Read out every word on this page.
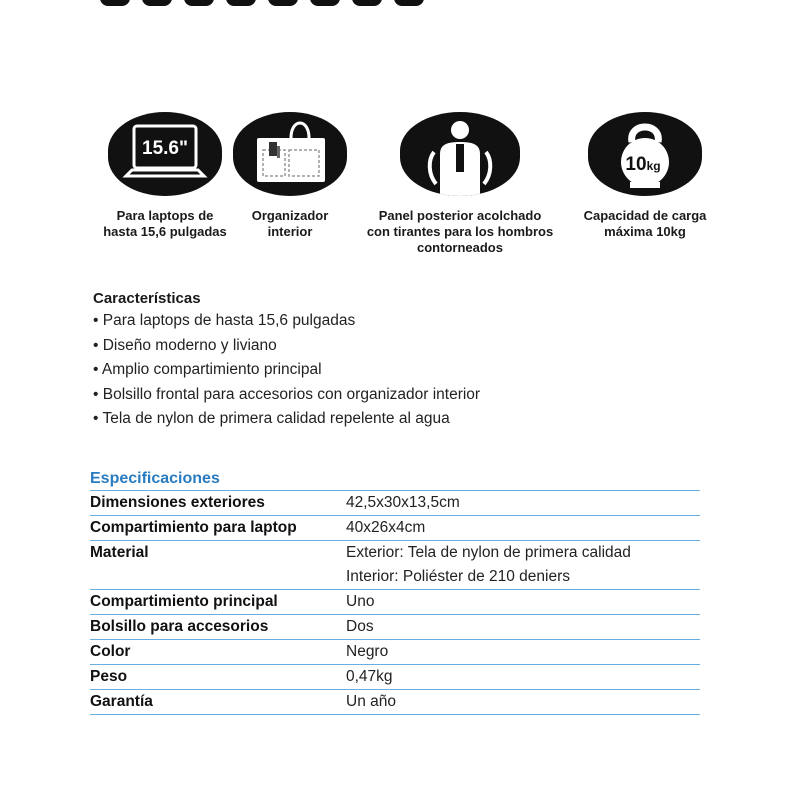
15.6"
Para laptops de
hasta 15,6 pulgadas
Organizador
interior
Panel posterior acolchado
con tirantes para los hombros
contorneados
10kg
Capacidad de carga
máxima 10kg
Características
• Para laptops de hasta 15,6 pulgadas
• Diseño moderno y liviano
• Amplio compartimiento principal
• Bolsillo frontal para accesorios con organizador interior
• Tela de nylon de primera calidad repelente al agua
Especificaciones
Dimensiones exteriores	42,5x30x13,5cm
Compartimiento para laptop	40x26x4cm
Material	Exterior: Tela de nylon de primera calidad
Interior: Poliéster de 210 deniers
Compartimiento principal	Uno
Bolsillo para accesorios	Dos
Color	Negro
Peso	0,47kg
Garantía	Un año
